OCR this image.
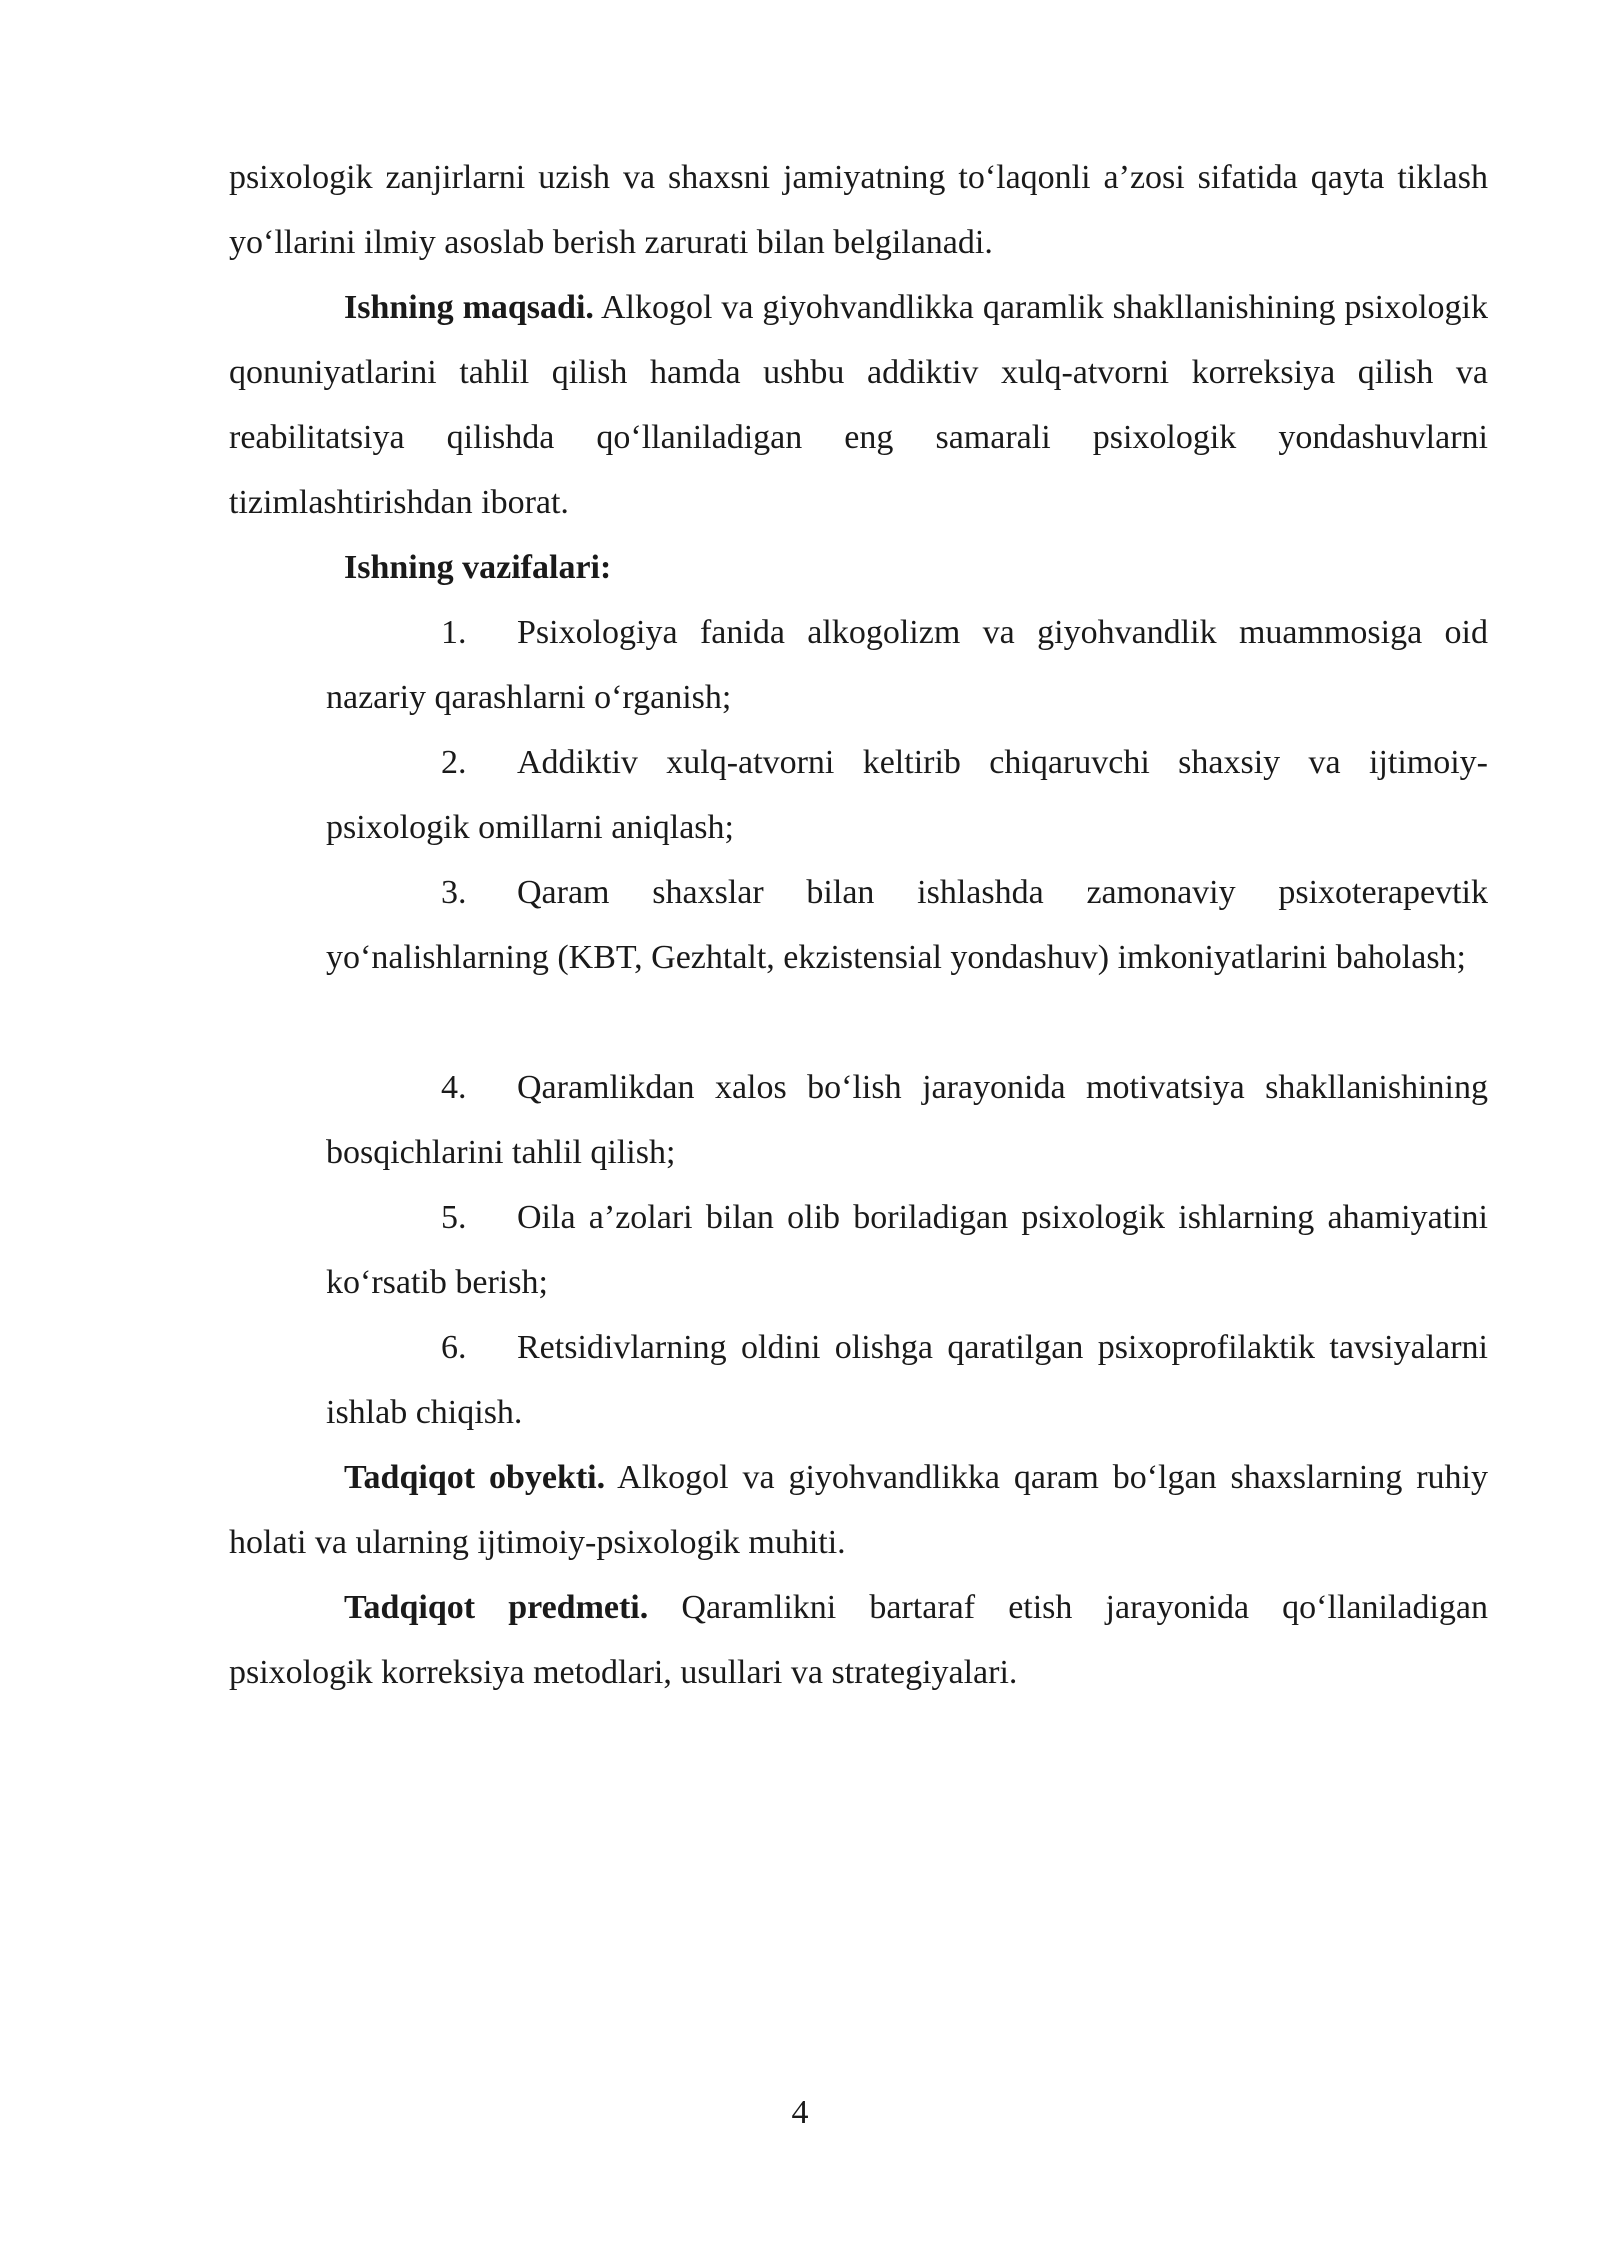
psixologik zanjirlarni uzish va shaxsni jamiyatning to‘laqonli a’zosi sifatida qayta tiklash yo‘llarini ilmiy asoslab berish zarurati bilan belgilanadi.

Ishning maqsadi. Alkogol va giyohvandlikka qaramlik shakllanishining psixologik qonuniyatlarini tahlil qilish hamda ushbu addiktiv xulq-atvorni korreksiya qilish va reabilitatsiya qilishda qo‘llaniladigan eng samarali psixologik yondashuvlarni tizimlashtirishdan iborat.

Ishning vazifalari:

1. Psixologiya fanida alkogolizm va giyohvandlik muammosiga oid nazariy qarashlarni o‘rganish;

2. Addiktiv xulq-atvorni keltirib chiqaruvchi shaxsiy va ijtimoiy-psixologik omillarni aniqlash;

3. Qaram shaxslar bilan ishlashda zamonaviy psixoterapevtik yo‘nalishlarning (KBT, Gezhtalt, ekzistensial yondashuv) imkoniyatlarini baholash;

4. Qaramlikdan xalos bo‘lish jarayonida motivatsiya shakllanishining bosqichlarini tahlil qilish;

5. Oila a’zolari bilan olib boriladigan psixologik ishlarning ahamiyatini ko‘rsatib berish;

6. Retsidivlarning oldini olishga qaratilgan psixoprofilaktik tavsiyalarni ishlab chiqish.

Tadqiqot obyekti. Alkogol va giyohvandlikka qaram bo‘lgan shaxslarning ruhiy holati va ularning ijtimoiy-psixologik muhiti.

Tadqiqot predmeti. Qaramlikni bartaraf etish jarayonida qo‘llaniladigan psixologik korreksiya metodlari, usullari va strategiyalari.

4
